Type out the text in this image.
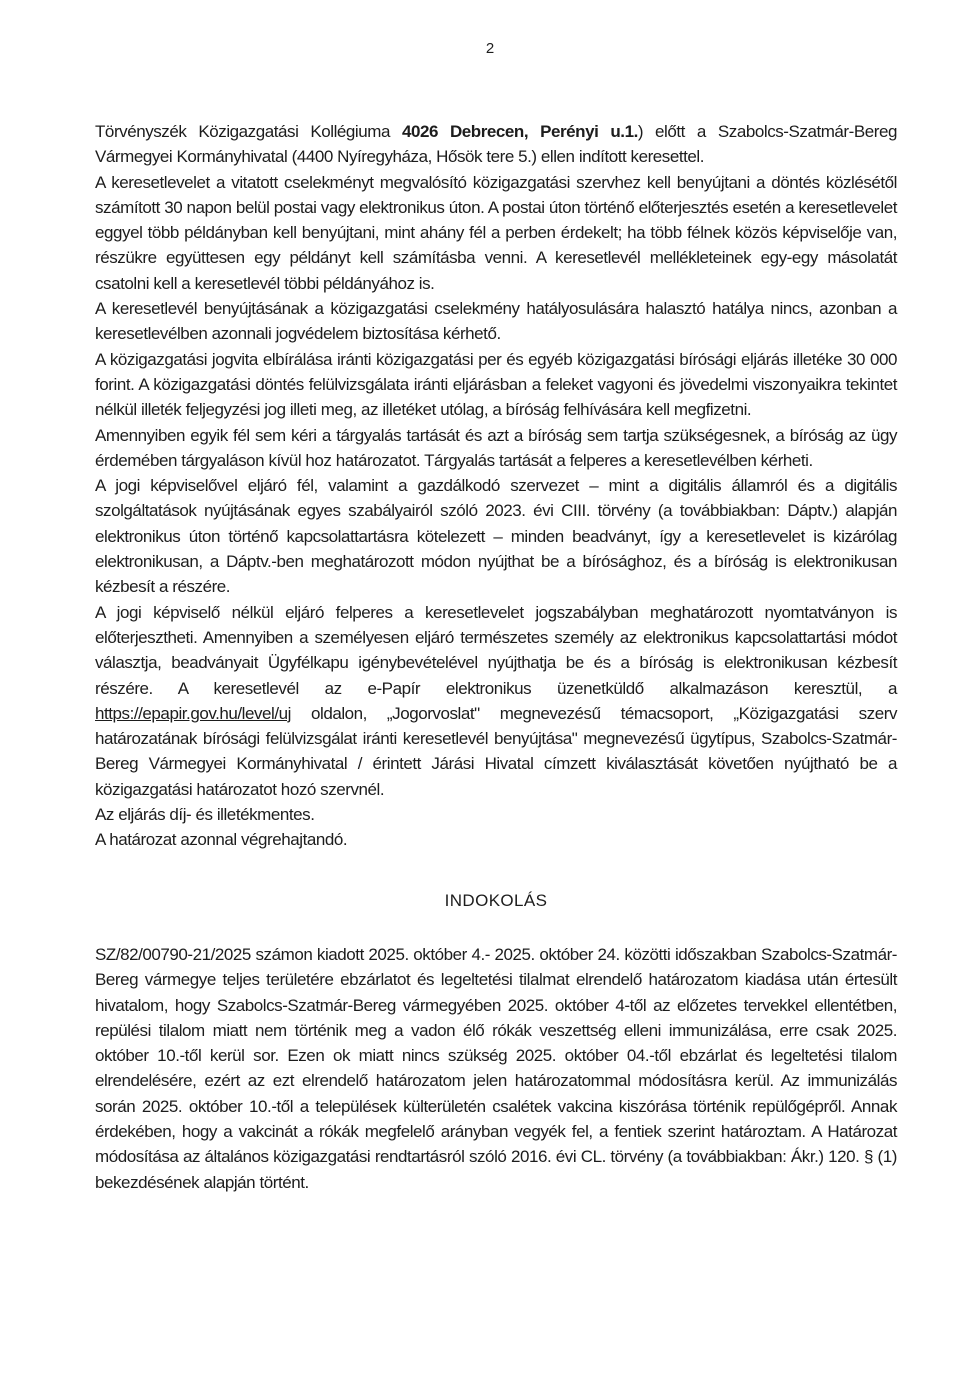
2

Törvényszék Közigazgatási Kollégiuma 4026 Debrecen, Perényi u.1.) előtt a Szabolcs-Szatmár-Bereg Vármegyei Kormányhivatal (4400 Nyíregyháza, Hősök tere 5.) ellen indított keresettel.

A keresetlevelet a vitatott cselekményt megvalósító közigazgatási szervhez kell benyújtani a döntés közlésétől számított 30 napon belül postai vagy elektronikus úton. A postai úton történő előterjesztés esetén a keresetlevelet eggyel több példányban kell benyújtani, mint ahány fél a perben érdekelt; ha több félnek közös képviselője van, részükre együttesen egy példányt kell számításba venni. A keresetlevél mellékleteinek egy-egy másolatát csatolni kell a keresetlevél többi példányához is.

A keresetlevél benyújtásának a közigazgatási cselekmény hatályosulására halasztó hatálya nincs, azonban a keresetlevélben azonnali jogvédelem biztosítása kérhető.

A közigazgatási jogvita elbírálása iránti közigazgatási per és egyéb közigazgatási bírósági eljárás illetéke 30 000 forint. A közigazgatási döntés felülvizsgálata iránti eljárásban a feleket vagyoni és jövedelmi viszonyaikra tekintet nélkül illeték feljegyzési jog illeti meg, az illetéket utólag, a bíróság felhívására kell megfizetni.

Amennyiben egyik fél sem kéri a tárgyalás tartását és azt a bíróság sem tartja szükségesnek, a bíróság az ügy érdemében tárgyaláson kívül hoz határozatot. Tárgyalás tartását a felperes a keresetlevélben kérheti.

A jogi képviselővel eljáró fél, valamint a gazdálkodó szervezet – mint a digitális államról és a digitális szolgáltatások nyújtásának egyes szabályairól szóló 2023. évi CIII. törvény (a továbbiakban: Dáptv.) alapján elektronikus úton történő kapcsolattartásra kötelezett – minden beadványt, így a keresetlevelet is kizárólag elektronikusan, a Dáptv.-ben meghatározott módon nyújthat be a bírósághoz, és a bíróság is elektronikusan kézbesít a részére.

A jogi képviselő nélkül eljáró felperes a keresetlevelet jogszabályban meghatározott nyomtatványon is előterjesztheti. Amennyiben a személyesen eljáró természetes személy az elektronikus kapcsolattartási módot választja, beadványait Ügyfélkapu igénybevételével nyújthatja be és a bíróság is elektronikusan kézbesít részére. A keresetlevél az e-Papír elektronikus üzenetküldő alkalmazáson keresztül, a https://epapir.gov.hu/level/uj oldalon, „Jogorvoslat" megnevezésű témacsoport, „Közigazgatási szerv határozatának bírósági felülvizsgálat iránti keresetlevél benyújtása" megnevezésű ügytípus, Szabolcs-Szatmár-Bereg Vármegyei Kormányhivatal / érintett Járási Hivatal címzett kiválasztását követően nyújtható be a közigazgatási határozatot hozó szervnél.

Az eljárás díj- és illetékmentes.

A határozat azonnal végrehajtandó.

INDOKOLÁS

SZ/82/00790-21/2025 számon kiadott 2025. október 4.- 2025. október 24. közötti időszakban Szabolcs-Szatmár-Bereg vármegye teljes területére ebzárlatot és legeltetési tilalmat elrendelő határozatom kiadása után értesült hivatalom, hogy Szabolcs-Szatmár-Bereg vármegyében 2025. október 4-től az előzetes tervekkel ellentétben, repülési tilalom miatt nem történik meg a vadon élő rókák veszettség elleni immunizálása, erre csak 2025. október 10.-től kerül sor. Ezen ok miatt nincs szükség 2025. október 04.-től ebzárlat és legeltetési tilalom elrendelésére, ezért az ezt elrendelő határozatom jelen határozatommal módosításra kerül. Az immunizálás során 2025. október 10.-től a települések külterületén csalétek vakcina kiszórása történik repülőgépről. Annak érdekében, hogy a vakcinát a rókák megfelelő arányban vegyék fel, a fentiek szerint határoztam. A Határozat módosítása az általános közigazgatási rendtartásról szóló 2016. évi CL. törvény (a továbbiakban: Ákr.) 120. § (1) bekezdésének alapján történt.
